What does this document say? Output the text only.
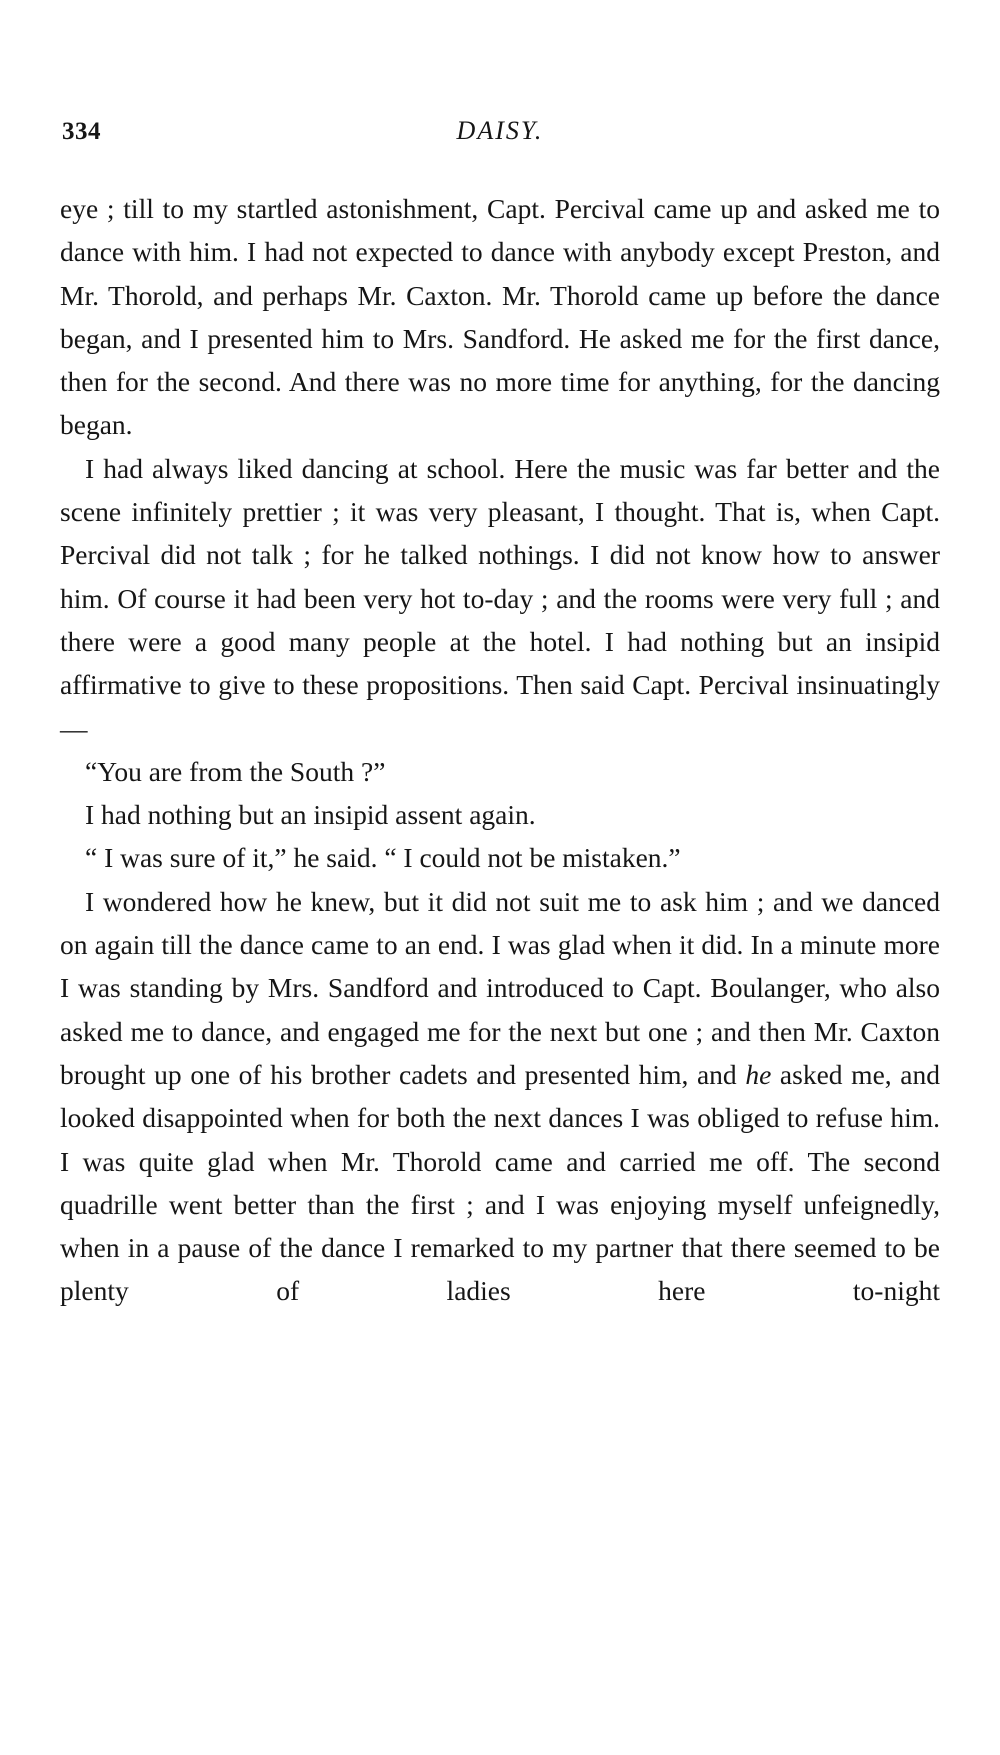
334	DAISY.

eye ; till to my startled astonishment, Capt. Percival came up and asked me to dance with him. I had not expected to dance with anybody except Preston, and Mr. Thorold, and perhaps Mr. Caxton. Mr. Thorold came up before the dance began, and I presented him to Mrs. Sandford. He asked me for the first dance, then for the second. And there was no more time for anything, for the dancing began.

I had always liked dancing at school. Here the music was far better and the scene infinitely prettier ; it was very pleasant, I thought. That is, when Capt. Percival did not talk ; for he talked nothings. I did not know how to answer him. Of course it had been very hot to-day ; and the rooms were very full ; and there were a good many people at the hotel. I had nothing but an insipid affirmative to give to these propositions. Then said Capt. Percival insinuatingly—

“You are from the South ?”

I had nothing but an insipid assent again.

“ I was sure of it,” he said. “ I could not be mistaken.”

I wondered how he knew, but it did not suit me to ask him ; and we danced on again till the dance came to an end. I was glad when it did. In a minute more I was standing by Mrs. Sandford and introduced to Capt. Boulanger, who also asked me to dance, and engaged me for the next but one ; and then Mr. Caxton brought up one of his brother cadets and presented him, and he asked me, and looked disappointed when for both the next dances I was obliged to refuse him. I was quite glad when Mr. Thorold came and carried me off. The second quadrille went better than the first ; and I was enjoying myself unfeignedly, when in a pause of the dance I remarked to my partner that there seemed to be plenty of ladies here to-night
